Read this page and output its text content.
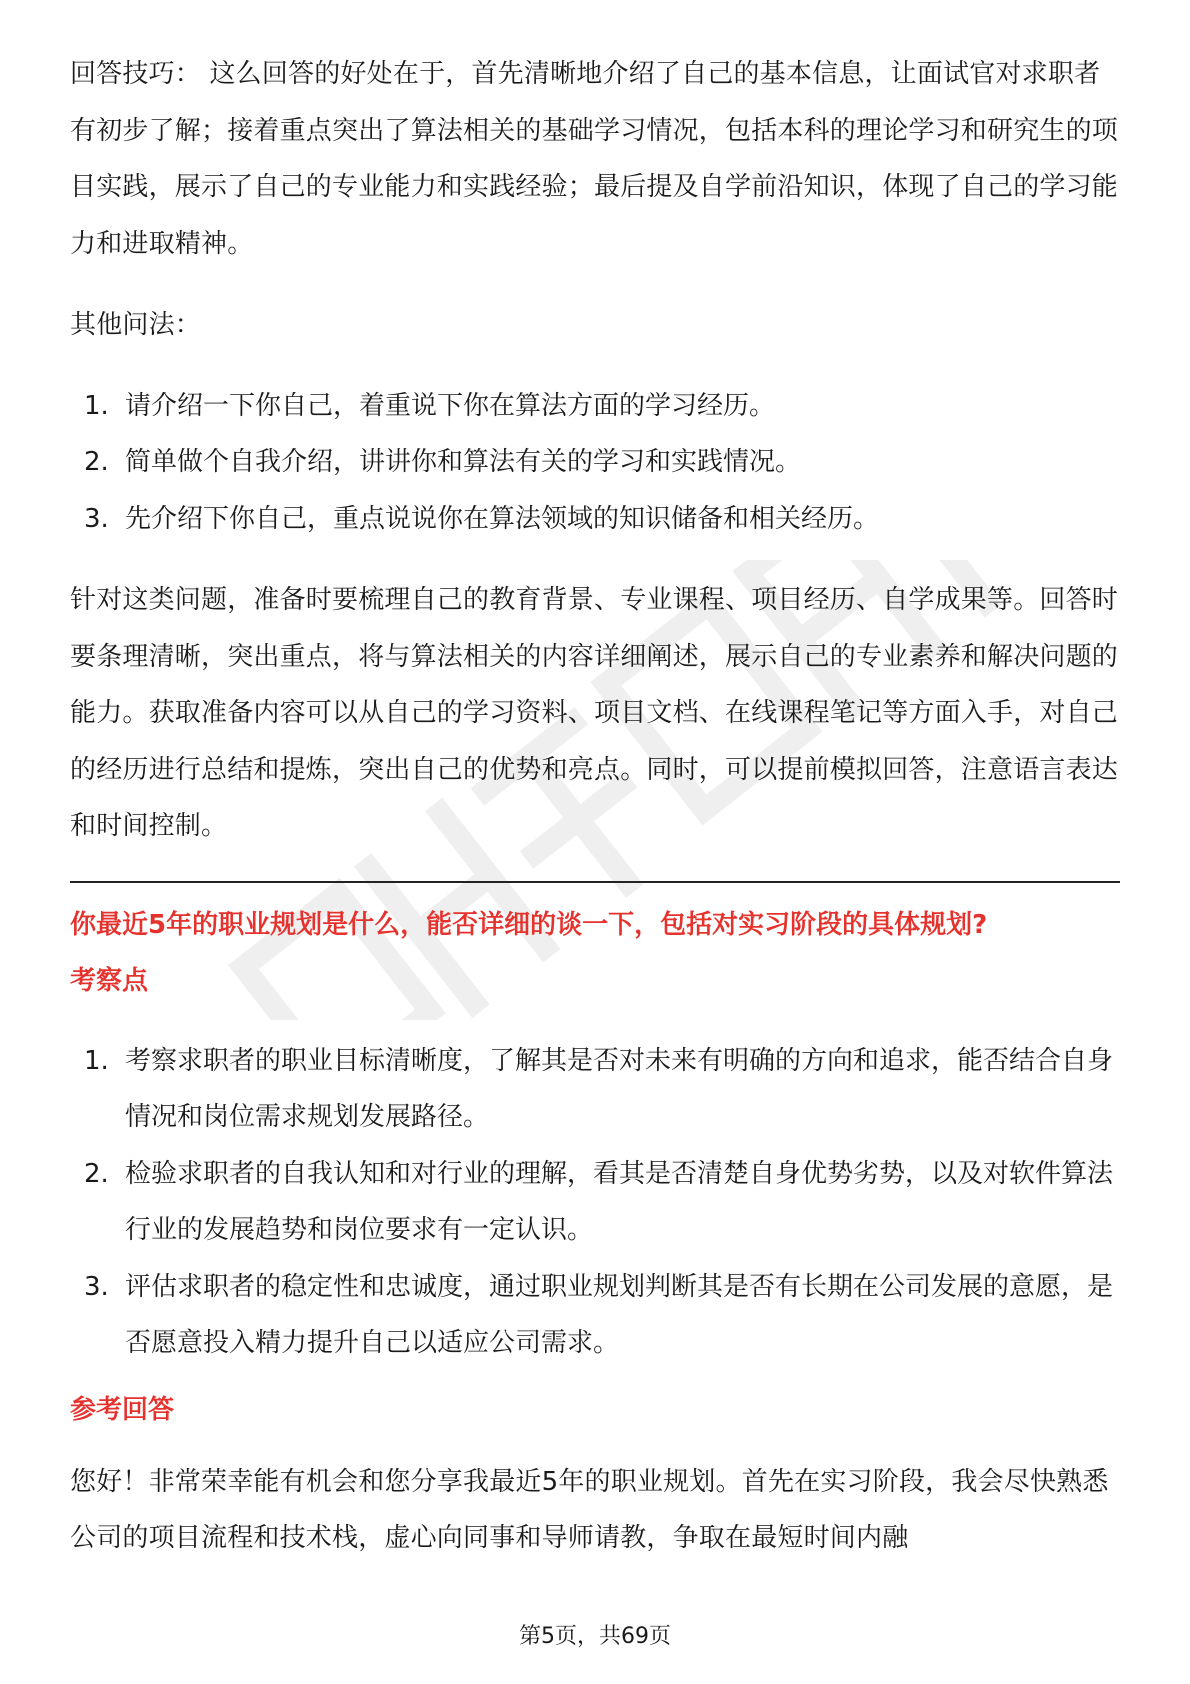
回答技巧： 这么回答的好处在于，首先清晰地介绍了自己的基本信息，让面试官对求职者有初步了解；接着重点突出了算法相关的基础学习情况，包括本科的理论学习和研究生的项目实践，展示了自己的专业能力和实践经验；最后提及自学前沿知识，体现了自己的学习能力和进取精神。

其他问法：

1. 请介绍一下你自己，着重说下你在算法方面的学习经历。
2. 简单做个自我介绍，讲讲你和算法有关的学习和实践情况。
3. 先介绍下你自己，重点说说你在算法领域的知识储备和相关经历。

针对这类问题，准备时要梳理自己的教育背景、专业课程、项目经历、自学成果等。回答时要条理清晰，突出重点，将与算法相关的内容详细阐述，展示自己的专业素养和解决问题的能力。获取准备内容可以从自己的学习资料、项目文档、在线课程笔记等方面入手，对自己的经历进行总结和提炼，突出自己的优势和亮点。同时，可以提前模拟回答，注意语言表达和时间控制。

你最近5年的职业规划是什么，能否详细的谈一下，包括对实习阶段的具体规划?

考察点

1. 考察求职者的职业目标清晰度，了解其是否对未来有明确的方向和追求，能否结合自身情况和岗位需求规划发展路径。
2. 检验求职者的自我认知和对行业的理解，看其是否清楚自身优势劣势，以及对软件算法行业的发展趋势和岗位要求有一定认识。
3. 评估求职者的稳定性和忠诚度，通过职业规划判断其是否有长期在公司发展的意愿，是否愿意投入精力提升自己以适应公司需求。

参考回答

您好！非常荣幸能有机会和您分享我最近5年的职业规划。首先在实习阶段，我会尽快熟悉公司的项目流程和技术栈，虚心向同事和导师请教，争取在最短时间内融

第5页，共69页
